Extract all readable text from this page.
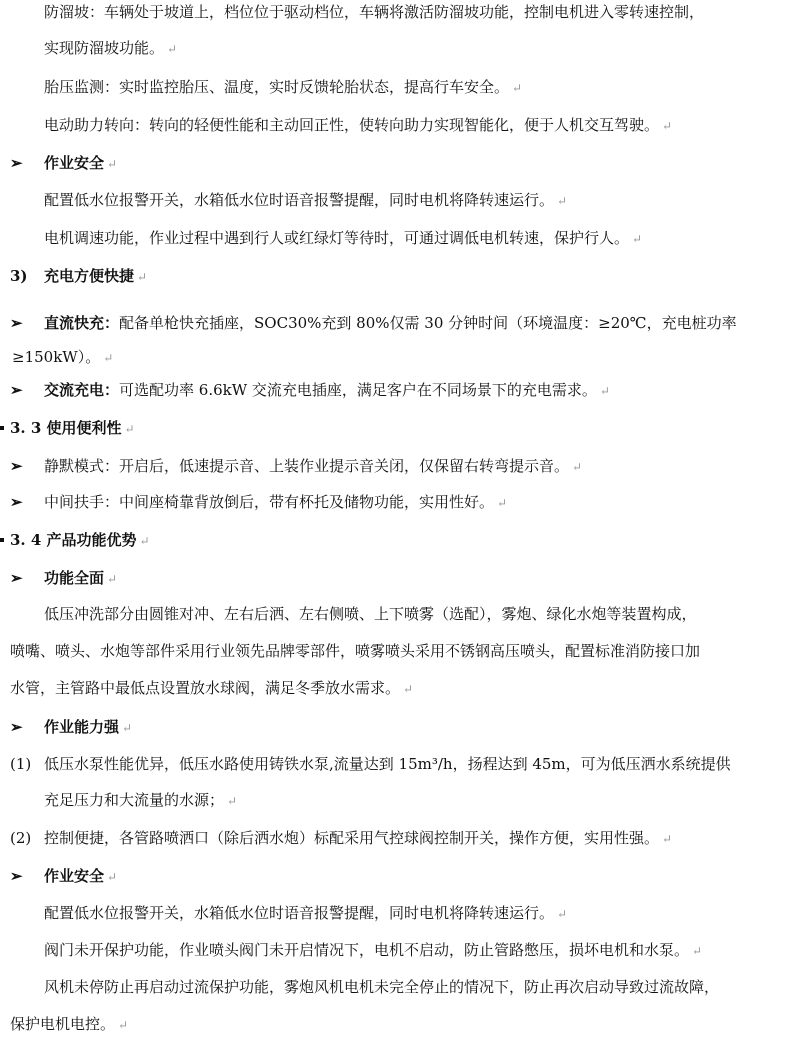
防溜坡：车辆处于坡道上，档位位于驱动档位，车辆将激活防溜坡功能，控制电机进入零转速控制，
实现防溜坡功能。 ↵
胎压监测：实时监控胎压、温度，实时反馈轮胎状态，提高行车安全。 ↵
电动助力转向：转向的轻便性能和主动回正性，使转向助力实现智能化，便于人机交互驾驶。 ↵
➢ 作业安全 ↵
配置低水位报警开关，水箱低水位时语音报警提醒，同时电机将降转速运行。 ↵
电机调速功能，作业过程中遇到行人或红绿灯等待时，可通过调低电机转速，保护行人。 ↵
3) 充电方便快捷 ↵
➢ 直流快充：配备单枪快充插座，SOC30%充到 80%仅需 30 分钟时间（环境温度：≥20℃，充电桩功率
≥150kW）。 ↵
➢ 交流充电：可选配功率 6.6kW 交流充电插座，满足客户在不同场景下的充电需求。 ↵
3. 3 使用便利性 ↵
➢ 静默模式：开启后，低速提示音、上装作业提示音关闭，仅保留右转弯提示音。 ↵
➢ 中间扶手：中间座椅靠背放倒后，带有杯托及储物功能，实用性好。 ↵
3. 4 产品功能优势 ↵
➢ 功能全面 ↵
低压冲洗部分由圆锥对冲、左右后洒、左右侧喷、上下喷雾（选配），雾炮、绿化水炮等装置构成，
喷嘴、喷头、水炮等部件采用行业领先品牌零部件，喷雾喷头采用不锈钢高压喷头，配置标准消防接口加
水管，主管路中最低点设置放水球阀，满足冬季放水需求。 ↵
➢ 作业能力强 ↵
(1) 低压水泵性能优异，低压水路使用铸铁水泵,流量达到 15m³/h，扬程达到 45m，可为低压洒水系统提供
充足压力和大流量的水源； ↵
(2) 控制便捷，各管路喷洒口（除后洒水炮）标配采用气控球阀控制开关，操作方便，实用性强。 ↵
➢ 作业安全 ↵
配置低水位报警开关，水箱低水位时语音报警提醒，同时电机将降转速运行。 ↵
阀门未开保护功能，作业喷头阀门未开启情况下，电机不启动，防止管路憋压，损坏电机和水泵。 ↵
风机未停防止再启动过流保护功能，雾炮风机电机未完全停止的情况下，防止再次启动导致过流故障，
保护电机电控。 ↵
